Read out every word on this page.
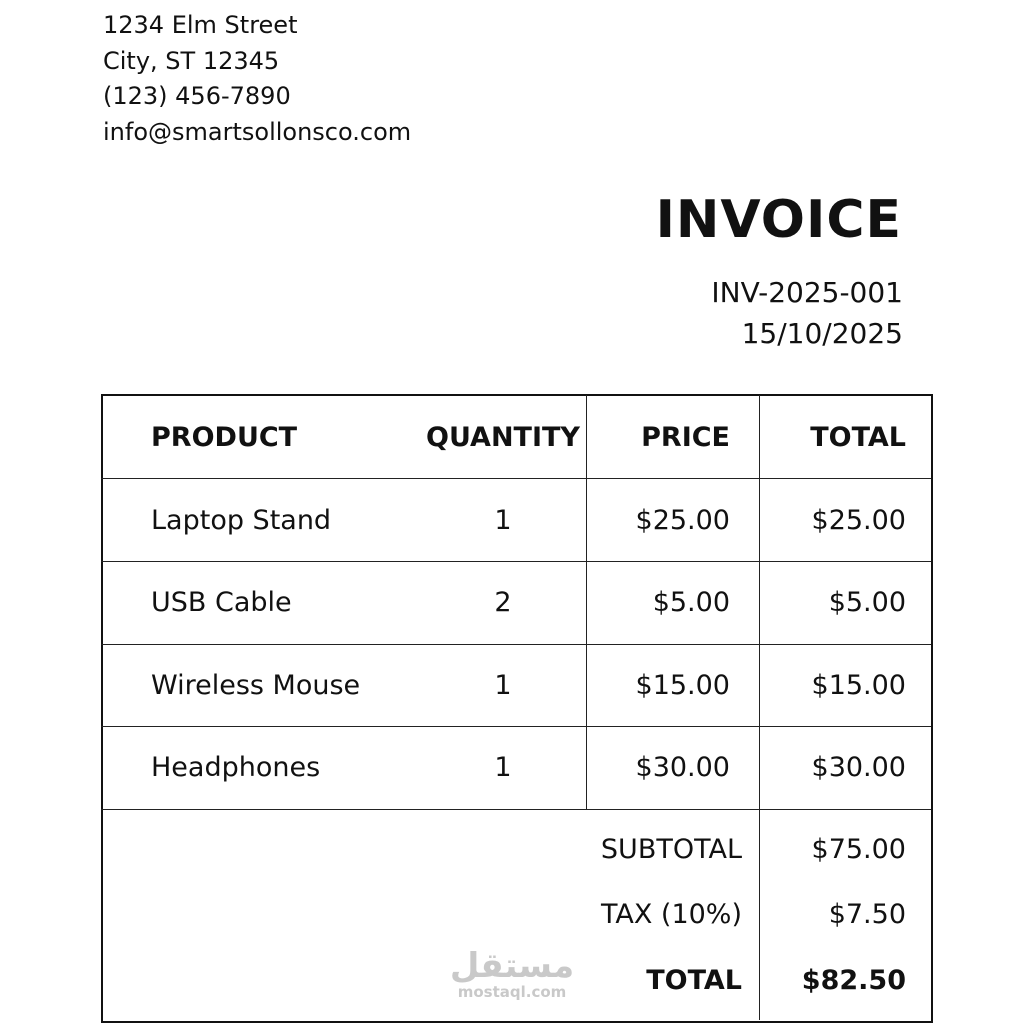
1234 Elm Street
City, ST 12345
(123) 456-7890
info@smartsollonsco.com
INVOICE
INV-2025-001
15/10/2025
PRODUCT	QUANTITY	PRICE	TOTAL
Laptop Stand	1	$25.00	$25.00
USB Cable	2	$5.00	$5.00
Wireless Mouse	1	$15.00	$15.00
Headphones	1	$30.00	$30.00
SUBTOTAL	$75.00
TAX (10%)	$7.50
TOTAL	$82.50
مستقل
mostaql.com
